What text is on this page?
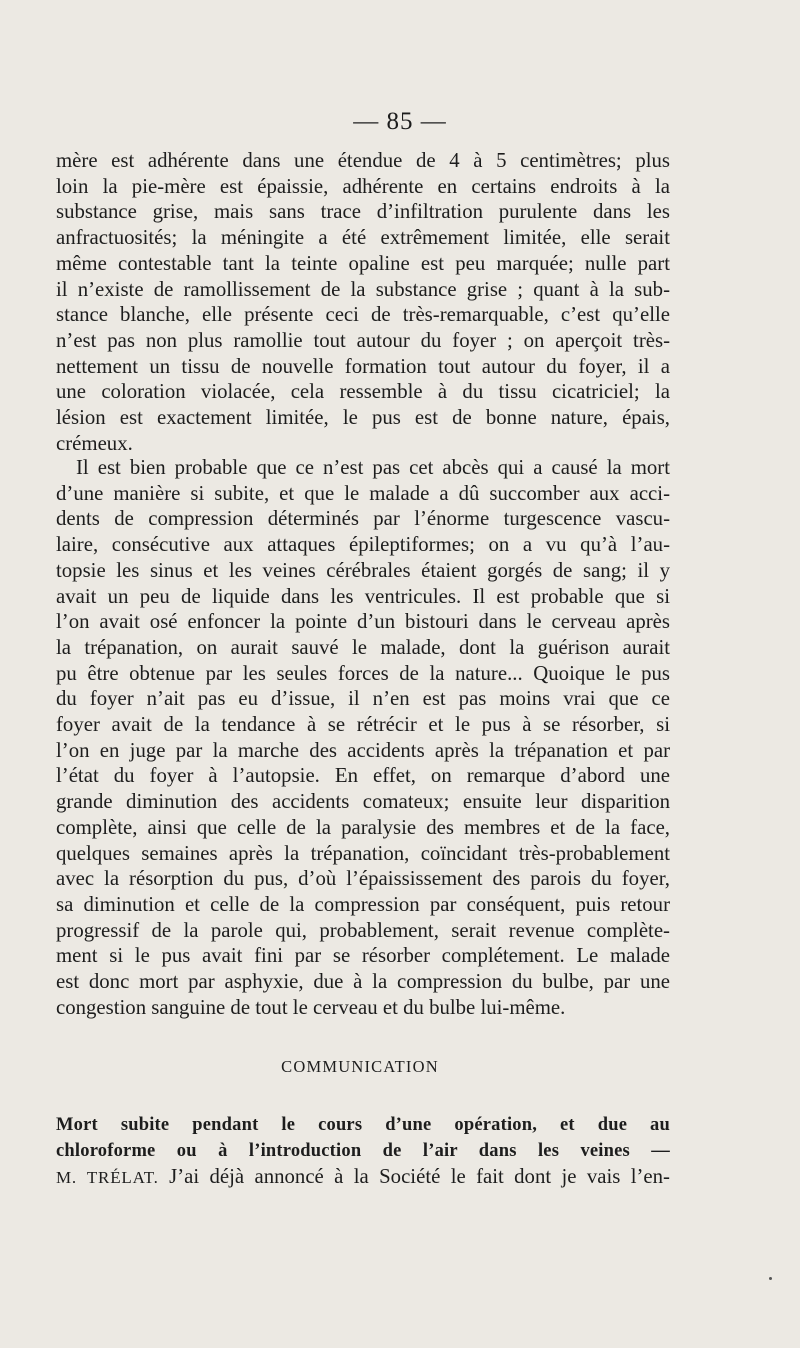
— 85 —
mère est adhérente dans une étendue de 4 à 5 centimètres; plus
loin la pie-mère est épaissie, adhérente en certains endroits à la
substance grise, mais sans trace d’infiltration purulente dans les
anfractuosités; la méningite a été extrêmement limitée, elle serait
même contestable tant la teinte opaline est peu marquée; nulle part
il n’existe de ramollissement de la substance grise ; quant à la sub-
stance blanche, elle présente ceci de très-remarquable, c’est qu’elle
n’est pas non plus ramollie tout autour du foyer ; on aperçoit très-
nettement un tissu de nouvelle formation tout autour du foyer, il a
une coloration violacée, cela ressemble à du tissu cicatriciel; la
lésion est exactement limitée, le pus est de bonne nature, épais,
crémeux.
Il est bien probable que ce n’est pas cet abcès qui a causé la mort
d’une manière si subite, et que le malade a dû succomber aux acci-
dents de compression déterminés par l’énorme turgescence vascu-
laire, consécutive aux attaques épileptiformes; on a vu qu’à l’au-
topsie les sinus et les veines cérébrales étaient gorgés de sang; il y
avait un peu de liquide dans les ventricules. Il est probable que si
l’on avait osé enfoncer la pointe d’un bistouri dans le cerveau après
la trépanation, on aurait sauvé le malade, dont la guérison aurait
pu être obtenue par les seules forces de la nature... Quoique le pus
du foyer n’ait pas eu d’issue, il n’en est pas moins vrai que ce
foyer avait de la tendance à se rétrécir et le pus à se résorber, si
l’on en juge par la marche des accidents après la trépanation et par
l’état du foyer à l’autopsie. En effet, on remarque d’abord une
grande diminution des accidents comateux; ensuite leur disparition
complète, ainsi que celle de la paralysie des membres et de la face,
quelques semaines après la trépanation, coïncidant très-probablement
avec la résorption du pus, d’où l’épaississement des parois du foyer,
sa diminution et celle de la compression par conséquent, puis retour
progressif de la parole qui, probablement, serait revenue complète-
ment si le pus avait fini par se résorber complétement. Le malade
est donc mort par asphyxie, due à la compression du bulbe, par une
congestion sanguine de tout le cerveau et du bulbe lui-même.
COMMUNICATION
Mort subite pendant le cours d’une opération, et due au
chloroforme ou à l’introduction de l’air dans les veines —
M. TRÉLAT. J’ai déjà annoncé à la Société le fait dont je vais l’en-
